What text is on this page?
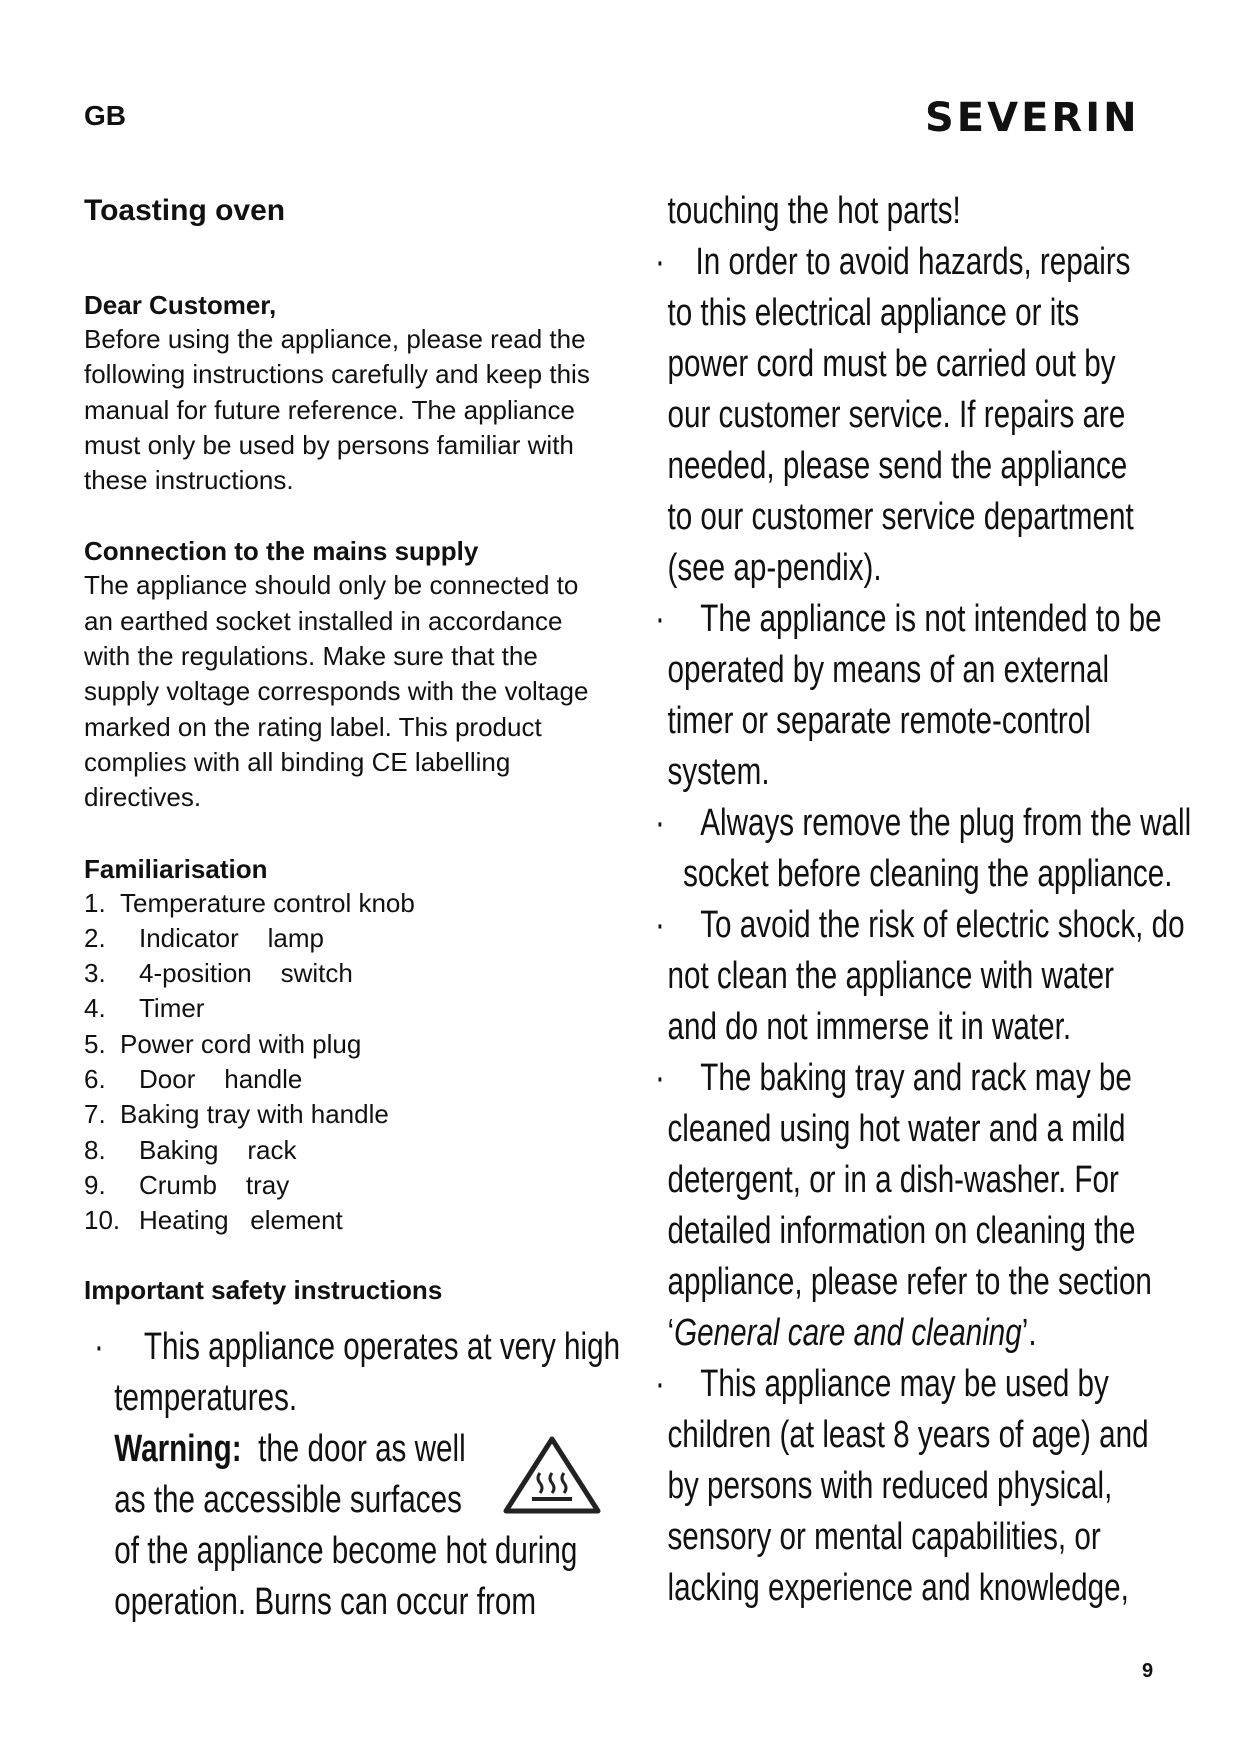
GB	SEVERIN
Toasting oven
Dear Customer,
Before using the appliance, please read the
following instructions carefully and keep this
manual for future reference. The appliance
must only be used by persons familiar with
these instructions.
Connection to the mains supply
The appliance should only be connected to
an earthed socket installed in accordance
with the regulations. Make sure that the
supply voltage corresponds with the voltage
marked on the rating label. This product
complies with all binding CE labelling
directives.
Familiarisation
1. Temperature control knob
2. Indicator    lamp
3. 4-position    switch
4. Timer
5. Power cord with plug
6. Door    handle
7. Baking tray with handle
8. Baking    rack
9. Crumb    tray
10. Heating   element
Important safety instructions
·	This appliance operates at very high
temperatures.
Warning: the door as well
as the accessible surfaces
of the appliance become hot during
operation. Burns can occur from
touching the hot parts!
· In order to avoid hazards, repairs
to this electrical appliance or its
power cord must be carried out by
our customer service. If repairs are
needed, please send the appliance
to our customer service department
(see ap-pendix).
· The appliance is not intended to be
operated by means of an external
timer or separate remote-control
system.
· Always remove the plug from the wall
socket before cleaning the appliance.
· To avoid the risk of electric shock, do
not clean the appliance with water
and do not immerse it in water.
· The baking tray and rack may be
cleaned using hot water and a mild
detergent, or in a dish-washer. For
detailed information on cleaning the
appliance, please refer to the section
‘General care and cleaning’.
· This appliance may be used by
children (at least 8 years of age) and
by persons with reduced physical,
sensory or mental capabilities, or
lacking experience and knowledge,
9
